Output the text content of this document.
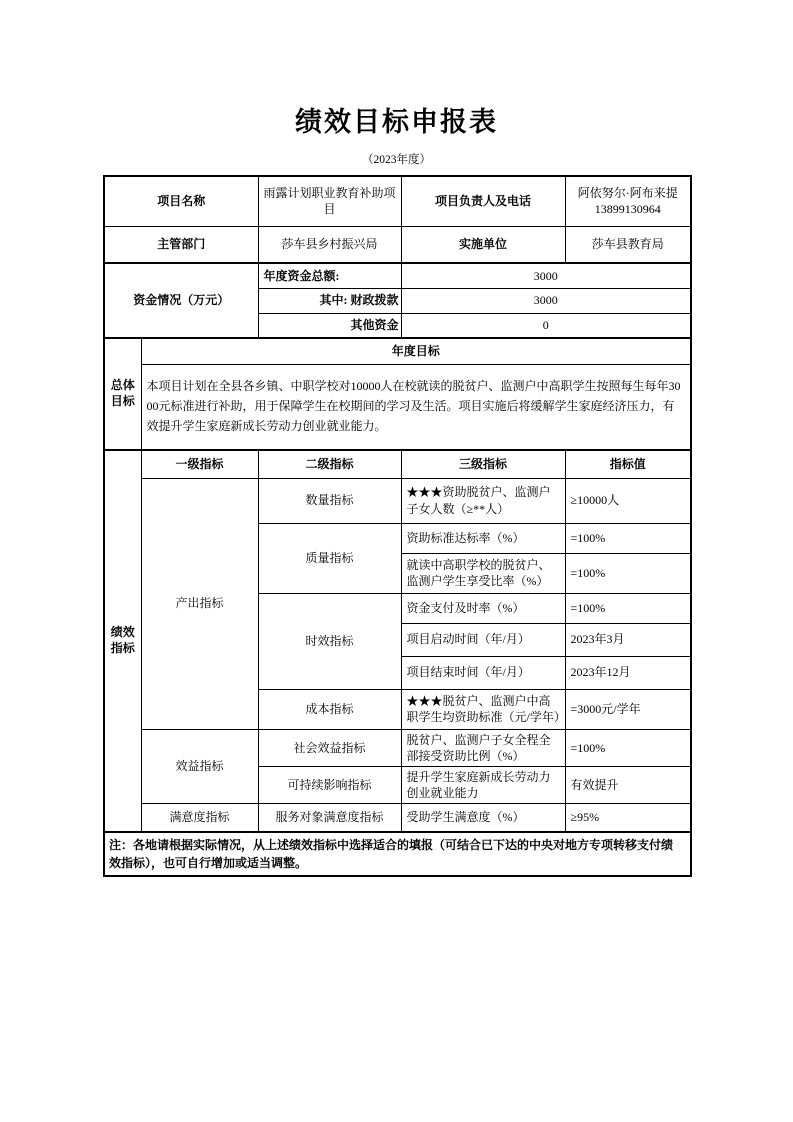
绩效目标申报表
（2023年度）
项目名称		雨露计划职业教育补助项目	项目负责人及电话	阿依努尔·阿布来提
13899130964

主管部门		莎车县乡村振兴局	实施单位	莎车县教育局
资金情况（万元）		年度资金总额:	3000	
		其中: 财政拨款	3000	
		其他资金	0	
总体目标	年度目标			
	本项目计划在全县各乡镇、中职学校对10000人在校就读的脱贫户、监测户中高职学生按照每生每年3000元标准进行补助，用于保障学生在校期间的学习及生活。项目实施后将缓解学生家庭经济压力，有效提升学生家庭新成长劳动力创业就业能力。			
绩效指标	一级指标	二级指标	三级指标	指标值
	产出指标	数量指标	★★★资助脱贫户、监测户子女人数（≥**人）	≥10000人
		质量指标	资助标准达标率（%）	=100%
			就读中高职学校的脱贫户、监测户学生享受比率（%）	=100%
		时效指标	资金支付及时率（%）	=100%
			项目启动时间（年/月）	2023年3月
			项目结束时间（年/月）	2023年12月
		成本指标	★★★脱贫户、监测户中高职学生均资助标准（元/学年）	=3000元/学年
	效益指标	社会效益指标	脱贫户、监测户子女全程全部接受资助比例（%）	=100%
		可持续影响指标	提升学生家庭新成长劳动力创业就业能力	有效提升
	满意度指标	服务对象满意度指标	受助学生满意度（%）	≥95%
注：各地请根据实际情况，从上述绩效指标中选择适合的填报（可结合已下达的中央对地方专项转移支付绩效指标），也可自行增加或适当调整。				
